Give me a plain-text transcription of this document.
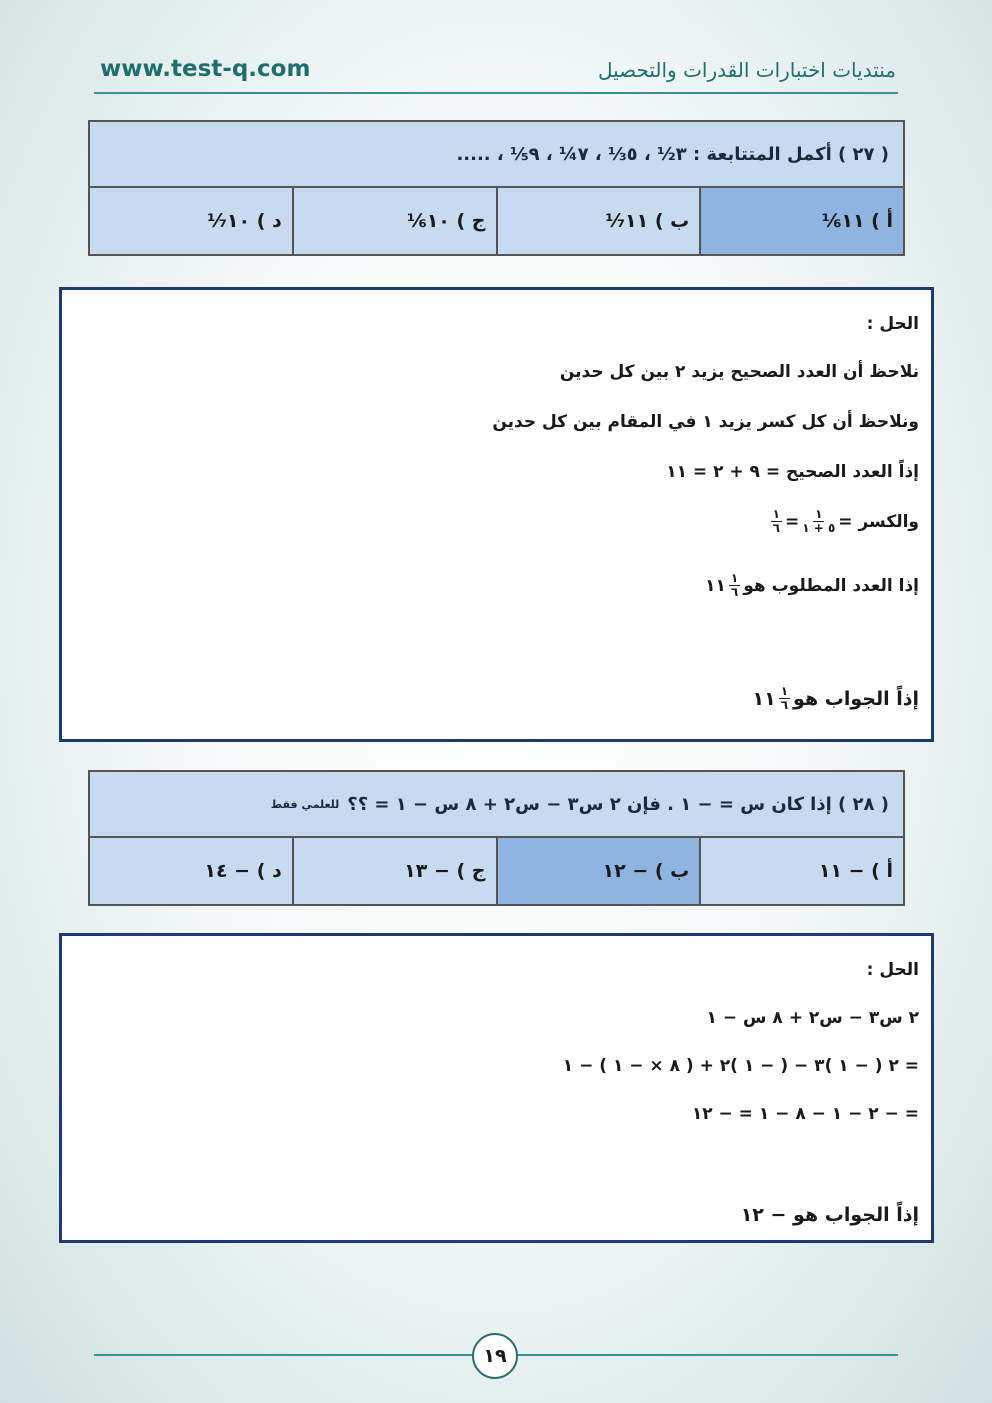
www.test-q.com	منتديات اختبارات القدرات والتحصيل
( ٢٧ ) أكمل المتتابعة : ٣½ ، ٥⅓ ، ٧¼ ، ٩⅕ ، .....
أ ) ١١⅙
ب ) ١١⅐
ج ) ١٠⅙
د ) ١٠⅐
الحل :
نلاحظ أن العدد الصحيح يزيد ٢ بين كل حدين
ونلاحظ أن كل كسر يزيد ١ في المقام بين كل حدين
إذاً العدد الصحيح = ٩ + ٢ = ١١
والكسر =
$\frac{١}{٥ + ١}$
=
$\frac{١}{٦}$
إذا العدد المطلوب هو
$\frac{١}{٦}$
١١
إذاً الجواب هو
$\frac{١}{٦}$
١١
( ٢٨ ) إذا كان س = − ١ . فإن ٢ س٣ − س٢ + ٨ س − ١ = ؟؟
للعلمي فقط
أ ) − ١١
ب ) − ١٢
ج ) − ١٣
د ) − ١٤
الحل :
٢ س٣ − س٢ + ٨ س − ١
= ٢ ( − ١ )٣ − ( − ١ )٢ + ( ٨ × − ١ ) − ١
= − ٢ − ١ − ٨ − ١ = − ١٢
إذاً الجواب هو − ١٢
١٩
